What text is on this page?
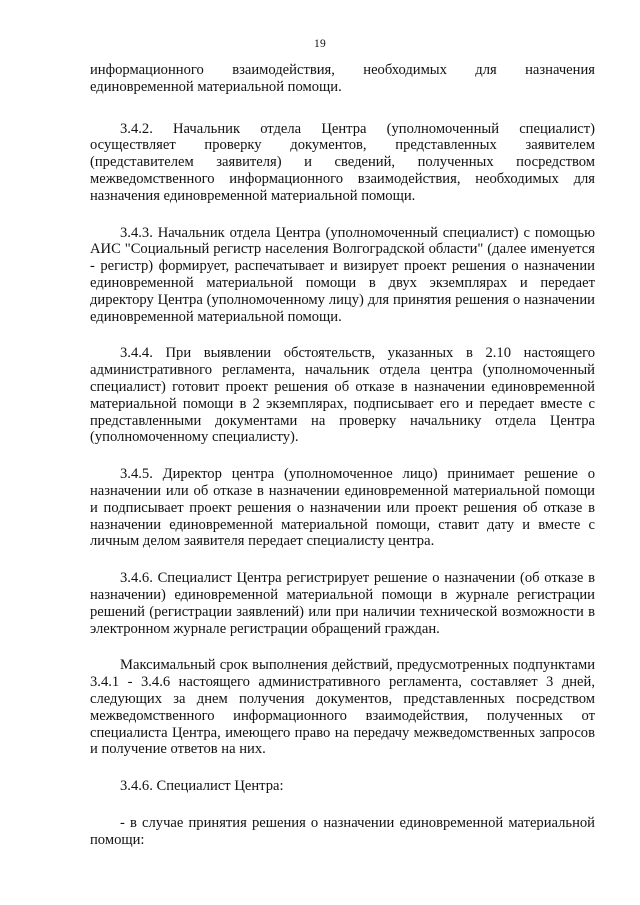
19

информационного взаимодействия, необходимых для назначения единовременной материальной помощи.

3.4.2. Начальник отдела Центра (уполномоченный специалист) осуществляет проверку документов, представленных заявителем (представителем заявителя) и сведений, полученных посредством межведомственного информационного взаимодействия, необходимых для назначения единовременной материальной помощи.

3.4.3. Начальник отдела Центра (уполномоченный специалист) с помощью АИС "Социальный регистр населения Волгоградской области" (далее именуется - регистр) формирует, распечатывает и визирует проект решения о назначении единовременной материальной помощи в двух экземплярах и передает директору Центра (уполномоченному лицу) для принятия решения о назначении единовременной материальной помощи.

3.4.4. При выявлении обстоятельств, указанных в 2.10 настоящего административного регламента, начальник отдела центра (уполномоченный специалист) готовит проект решения об отказе в назначении единовременной материальной помощи в 2 экземплярах, подписывает его и передает вместе с представленными документами на проверку начальнику отдела Центра (уполномоченному специалисту).

3.4.5. Директор центра (уполномоченное лицо) принимает решение о назначении или об отказе в назначении единовременной материальной помощи и подписывает проект решения о назначении или проект решения об отказе в назначении единовременной материальной помощи, ставит дату и вместе с личным делом заявителя передает специалисту центра.

3.4.6. Специалист Центра регистрирует решение о назначении (об отказе в назначении) единовременной материальной помощи в журнале регистрации решений (регистрации заявлений) или при наличии технической возможности в электронном журнале регистрации обращений граждан.

Максимальный срок выполнения действий, предусмотренных подпунктами 3.4.1 - 3.4.6 настоящего административного регламента, составляет 3 дней, следующих за днем получения документов, представленных посредством межведомственного информационного взаимодействия, полученных от специалиста Центра, имеющего право на передачу межведомственных запросов и получение ответов на них.

3.4.6. Специалист Центра:

- в случае принятия решения о назначении единовременной материальной помощи:
